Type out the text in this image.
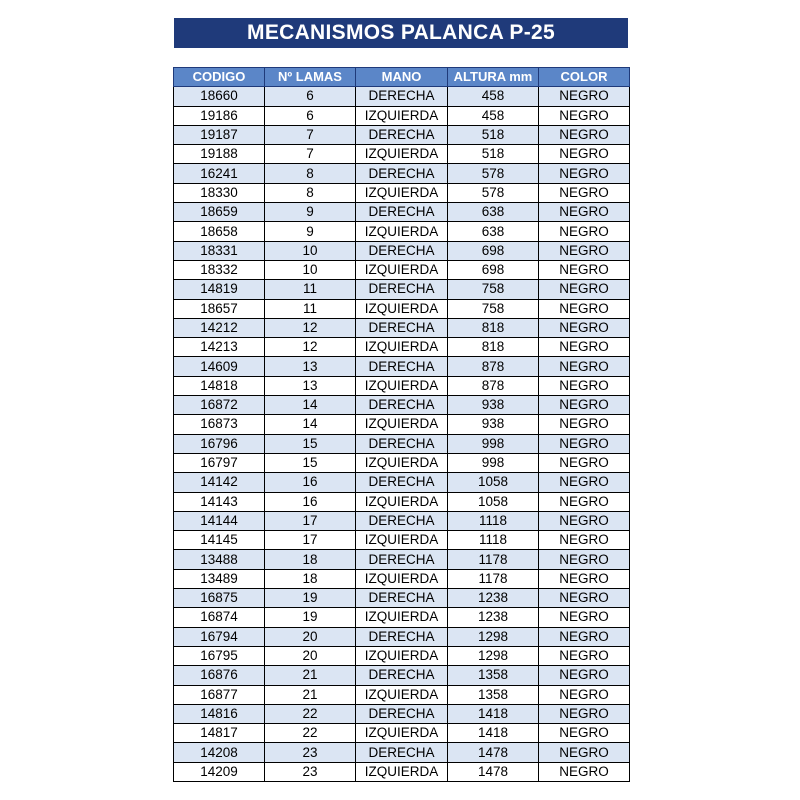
MECANISMOS PALANCA P-25
CODIGO	Nº LAMAS	MANO	ALTURA mm	COLOR
18660	6	DERECHA	458	NEGRO
19186	6	IZQUIERDA	458	NEGRO
19187	7	DERECHA	518	NEGRO
19188	7	IZQUIERDA	518	NEGRO
16241	8	DERECHA	578	NEGRO
18330	8	IZQUIERDA	578	NEGRO
18659	9	DERECHA	638	NEGRO
18658	9	IZQUIERDA	638	NEGRO
18331	10	DERECHA	698	NEGRO
18332	10	IZQUIERDA	698	NEGRO
14819	11	DERECHA	758	NEGRO
18657	11	IZQUIERDA	758	NEGRO
14212	12	DERECHA	818	NEGRO
14213	12	IZQUIERDA	818	NEGRO
14609	13	DERECHA	878	NEGRO
14818	13	IZQUIERDA	878	NEGRO
16872	14	DERECHA	938	NEGRO
16873	14	IZQUIERDA	938	NEGRO
16796	15	DERECHA	998	NEGRO
16797	15	IZQUIERDA	998	NEGRO
14142	16	DERECHA	1058	NEGRO
14143	16	IZQUIERDA	1058	NEGRO
14144	17	DERECHA	1118	NEGRO
14145	17	IZQUIERDA	1118	NEGRO
13488	18	DERECHA	1178	NEGRO
13489	18	IZQUIERDA	1178	NEGRO
16875	19	DERECHA	1238	NEGRO
16874	19	IZQUIERDA	1238	NEGRO
16794	20	DERECHA	1298	NEGRO
16795	20	IZQUIERDA	1298	NEGRO
16876	21	DERECHA	1358	NEGRO
16877	21	IZQUIERDA	1358	NEGRO
14816	22	DERECHA	1418	NEGRO
14817	22	IZQUIERDA	1418	NEGRO
14208	23	DERECHA	1478	NEGRO
14209	23	IZQUIERDA	1478	NEGRO
